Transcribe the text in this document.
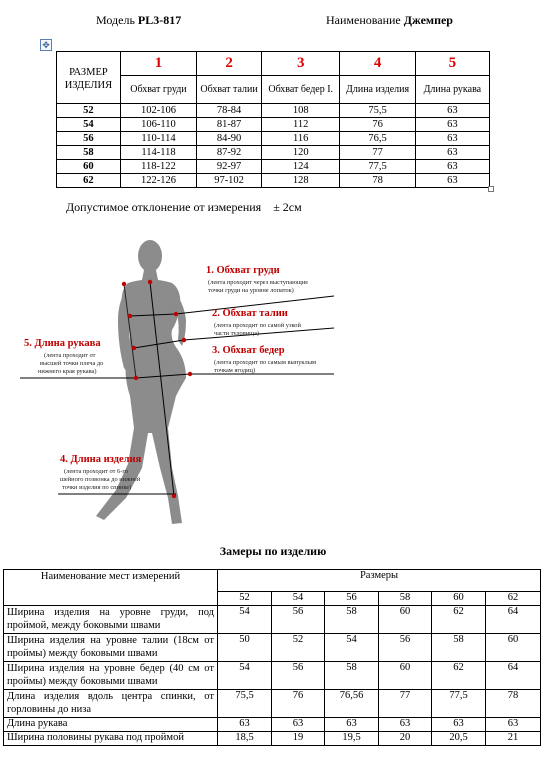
Модель PL3-817	Наименование Джемпер
✥
РАЗМЕР ИЗДЕЛИЯ	1	2	3	4	5
	Обхват груди	Обхват талии	Обхват бедер I.	Длина изделия	Длина рукава
52	102-106	78-84	108	75,5	63
54	106-110	81-87	112	76	63
56	110-114	84-90	116	76,5	63
58	114-118	87-92	120	77	63
60	118-122	92-97	124	77,5	63
62	122-126	97-102	128	78	63
Допустимое отклонение от измерения ± 2см
1. Обхват груди
(лента проходит через выступающие
точки груди на уровне лопаток)
2. Обхват талии
(лента проходит по самой узкой
части туловища)
3. Обхват бедер
(лента проходит по самым выпуклым
точкам ягодиц)
5. Длина рукава
(лента проходит от
высшей точки плеча до
нижнего края рукава)
4. Длина изделия
(лента проходит от 6-го
шейного позвонка до нижней
точки изделия по спинке)
Замеры по изделию
Наименование мест измерений	Размеры					
	52	54	56	58	60	62
Ширина изделия на уровне груди, под проймой, между боковыми швами	54	56	58	60	62	64
Ширина изделия на уровне талии (18см от проймы) между боковыми швами	50	52	54	56	58	60
Ширина изделия на уровне бедер (40 см от проймы) между боковыми швами	54	56	58	60	62	64
Длина изделия вдоль центра спинки, от горловины до низа	75,5	76	76,56	77	77,5	78
Длина рукава	63	63	63	63	63	63
Ширина половины рукава под проймой	18,5	19	19,5	20	20,5	21
